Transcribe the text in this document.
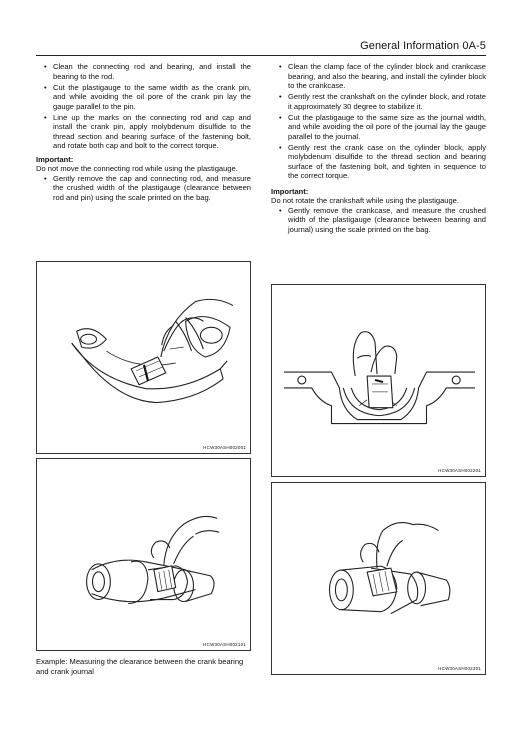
General Information 0A-5
• Clean the connecting rod and bearing, and install the bearing to the rod.
• Cut the plastigauge to the same width as the crank pin, and while avoiding the oil pore of the crank pin lay the gauge parallel to the pin.
• Line up the marks on the connecting rod and cap and install the crank pin, apply molybdenum disulfide to the thread section and bearing surface of the fastening bolt, and rotate both cap and bolt to the correct torque.
Important:
Do not move the connecting rod while using the plastigauge.
• Gently remove the cap and connecting rod, and measure the crushed width of the plastigauge (clearance between rod and pin) using the scale printed on the bag.
• Clean the clamp face of the cylinder block and crankcase bearing, and also the bearing, and install the cylinder block to the crankcase.
• Gently rest the crankshaft on the cylinder block, and rotate it approximately 30 degree to stabilize it.
• Cut the plastigauge to the same size as the journal width, and while avoiding the oil pore of the journal lay the gauge parallel to the journal.
• Gently rest the crank case on the cylinder block, apply molybdenum disulfide to the thread section and bearing surface of the fastening bolt, and tighten in sequence to the correct torque.
Important:
Do not rotate the crankshaft while using the plastigauge.
• Gently remove the crankcase, and measure the crushed width of the plastigauge (clearance between bearing and journal) using the scale printed on the bag.
HCW30ASH002001
HCW30ASH002101
Example: Measuring the clearance between the crank bearing and crank journal
HCW30ASH002201
HCW30ASH002301
